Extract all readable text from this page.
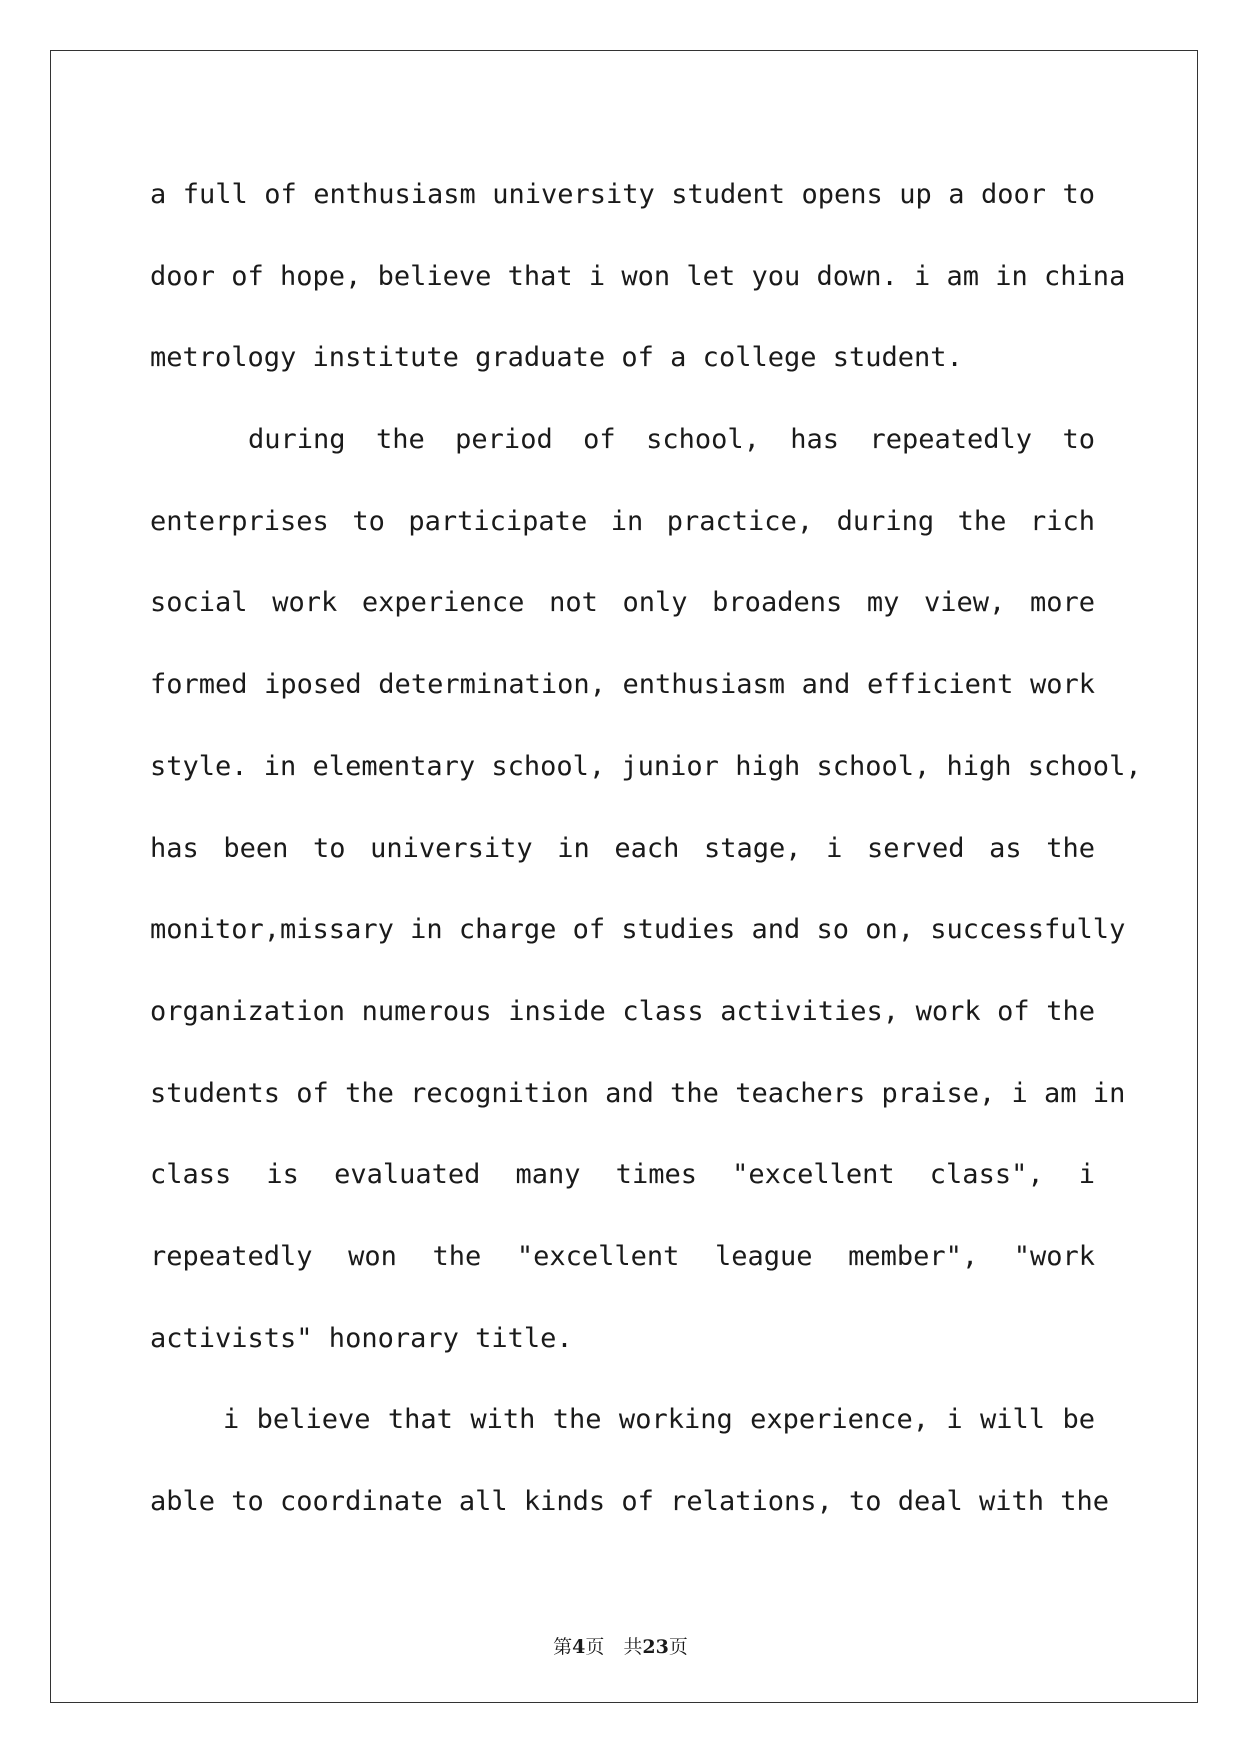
a full of enthusiasm university student opens up a door to
door of hope, believe that i won let you down. i am in china
metrology institute graduate of a college student.
during the period of school, has repeatedly to
enterprises to participate in practice, during the rich
social work experience not only broadens my view, more
formed iposed determination, enthusiasm and efficient work
style. in elementary school, junior high school, high school,
has been to university in each stage, i served as the
monitor,missary in charge of studies and so on, successfully
organization numerous inside class activities, work of the
students of the recognition and the teachers praise, i am in
class is evaluated many times "excellent class", i
repeatedly won the "excellent league member", "work
activists" honorary title.
i believe that with the working experience, i will be
able to coordinate all kinds of relations, to deal with the
第4页　共23页
